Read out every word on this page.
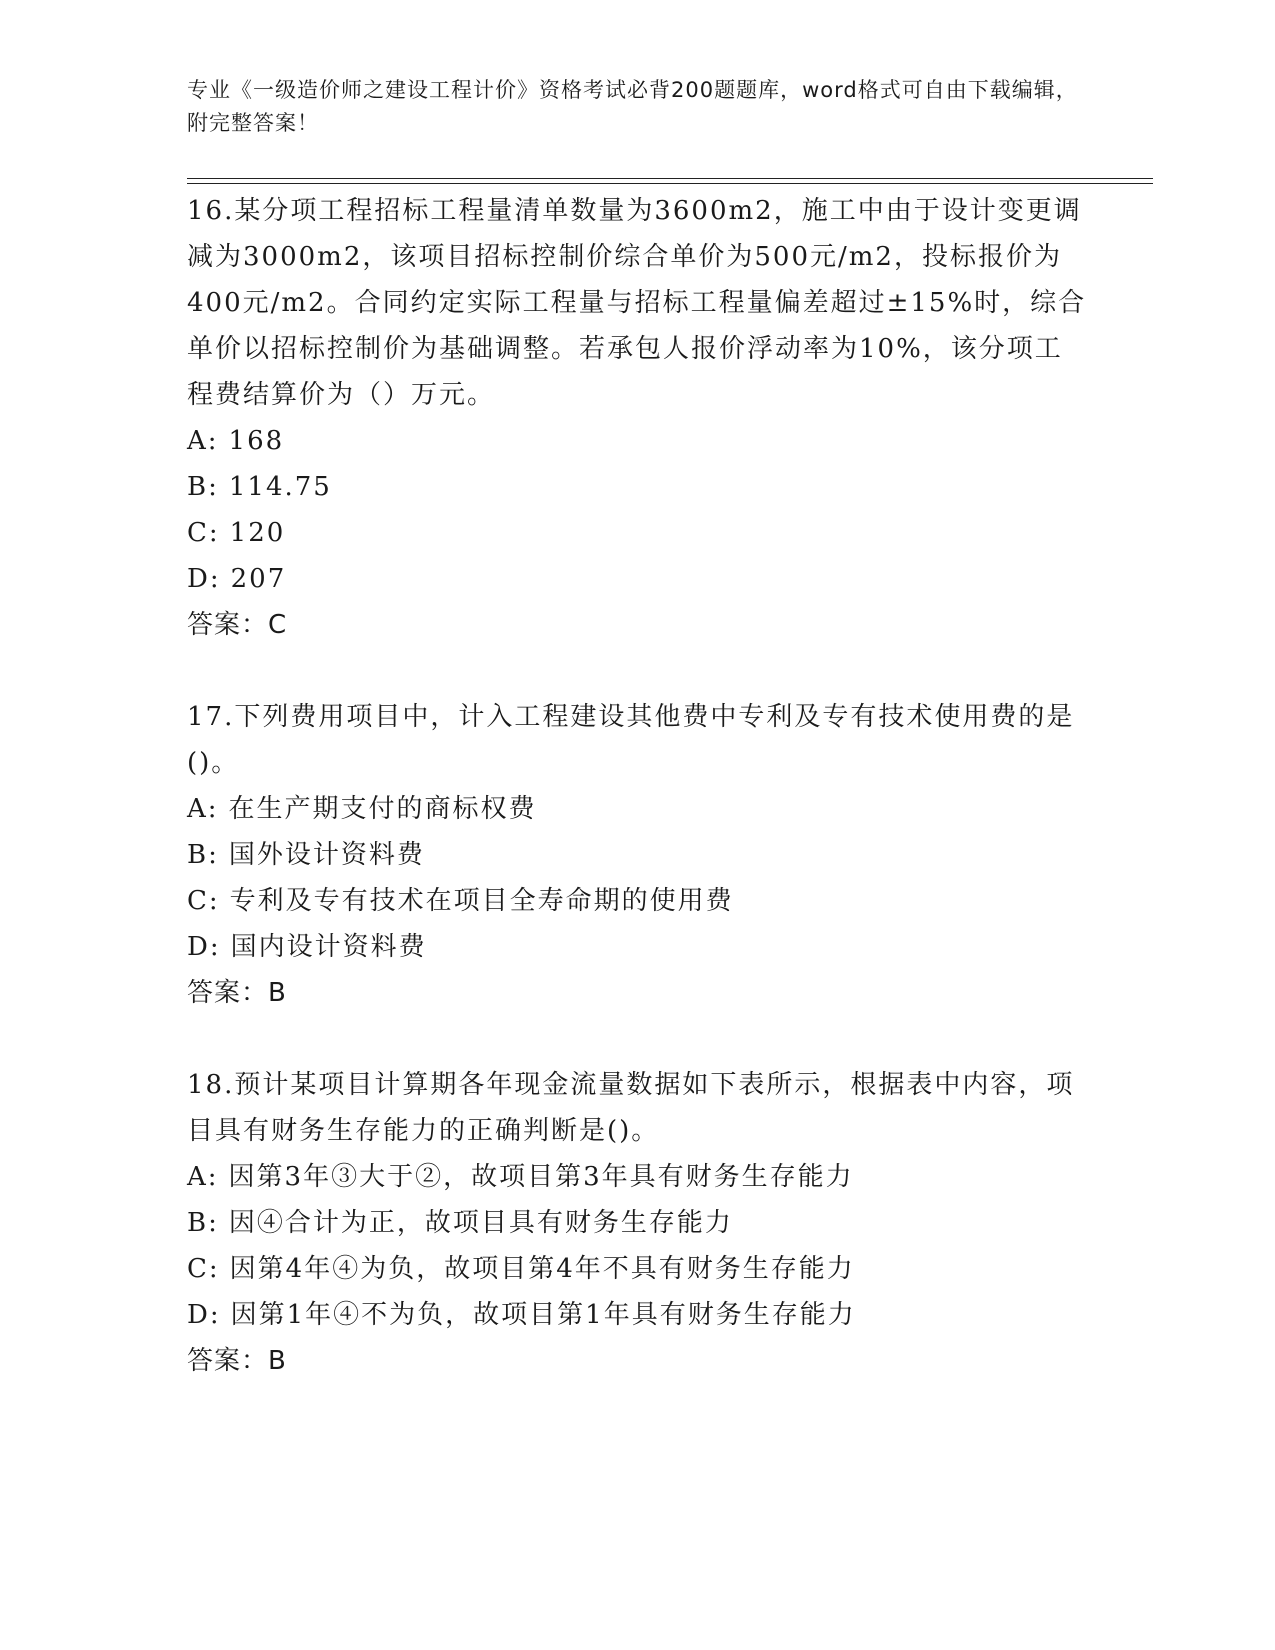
专业《一级造价师之建设工程计价》资格考试必背200题题库，word格式可自由下载编辑，附完整答案！

16.某分项工程招标工程量清单数量为3600m2，施工中由于设计变更调减为3000m2，该项目招标控制价综合单价为500元/m2，投标报价为400元/m2。合同约定实际工程量与招标工程量偏差超过±15%时，综合单价以招标控制价为基础调整。若承包人报价浮动率为10%，该分项工程费结算价为（）万元。

A: 168
B: 114.75
C: 120
D: 207
答案：C

17.下列费用项目中，计入工程建设其他费中专利及专有技术使用费的是()。

A: 在生产期支付的商标权费
B: 国外设计资料费
C: 专利及专有技术在项目全寿命期的使用费
D: 国内设计资料费
答案：B

18.预计某项目计算期各年现金流量数据如下表所示，根据表中内容，项目具有财务生存能力的正确判断是()。

A: 因第3年③大于②，故项目第3年具有财务生存能力
B: 因④合计为正，故项目具有财务生存能力
C: 因第4年④为负，故项目第4年不具有财务生存能力
D: 因第1年④不为负，故项目第1年具有财务生存能力
答案：B
